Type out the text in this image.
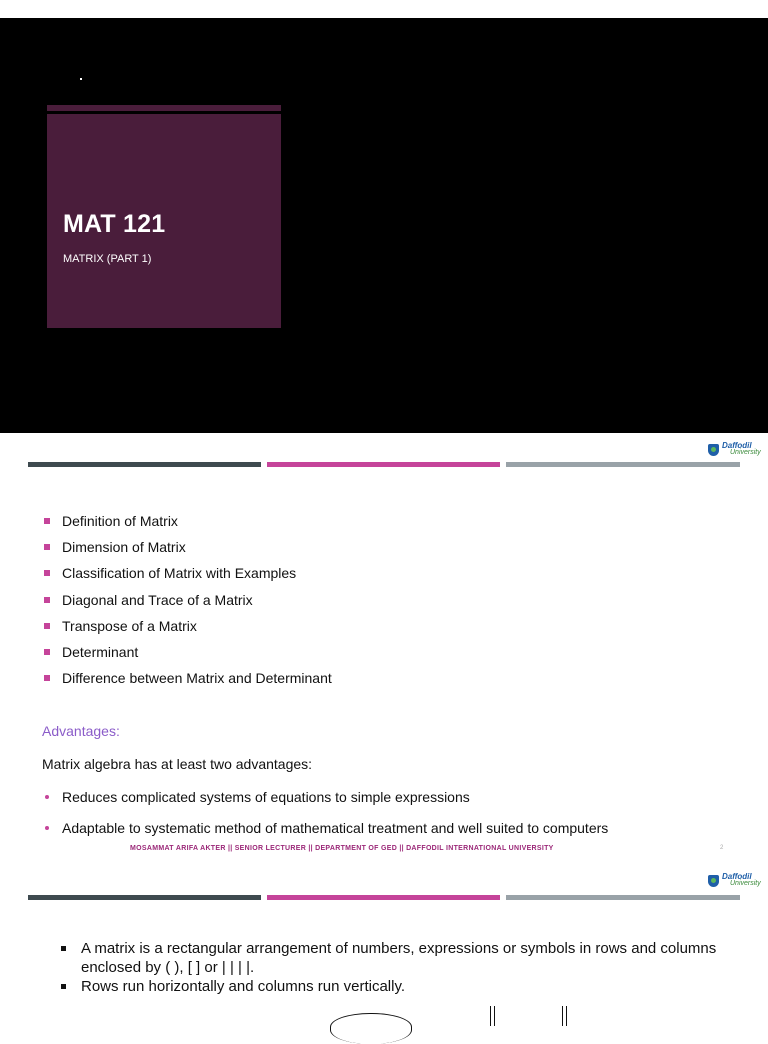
MAT 121
MATRIX (PART 1)
Daffodil
University
Definition of Matrix
Dimension of Matrix
Classification of Matrix with Examples
Diagonal and Trace of a Matrix
Transpose of a Matrix
Determinant
Difference between Matrix and Determinant
Advantages:
Matrix algebra has at least two advantages:
Reduces complicated systems of equations to simple expressions
Adaptable to systematic method of mathematical treatment and well suited to computers
MOSAMMAT ARIFA AKTER || SENIOR LECTURER || DEPARTMENT OF GED || DAFFODIL INTERNATIONAL UNIVERSITY	2
Daffodil
University
A matrix is a rectangular arrangement of numbers, expressions or symbols in rows and columns enclosed by ( ), [ ] or | | | |.
Rows run horizontally and columns run vertically.
